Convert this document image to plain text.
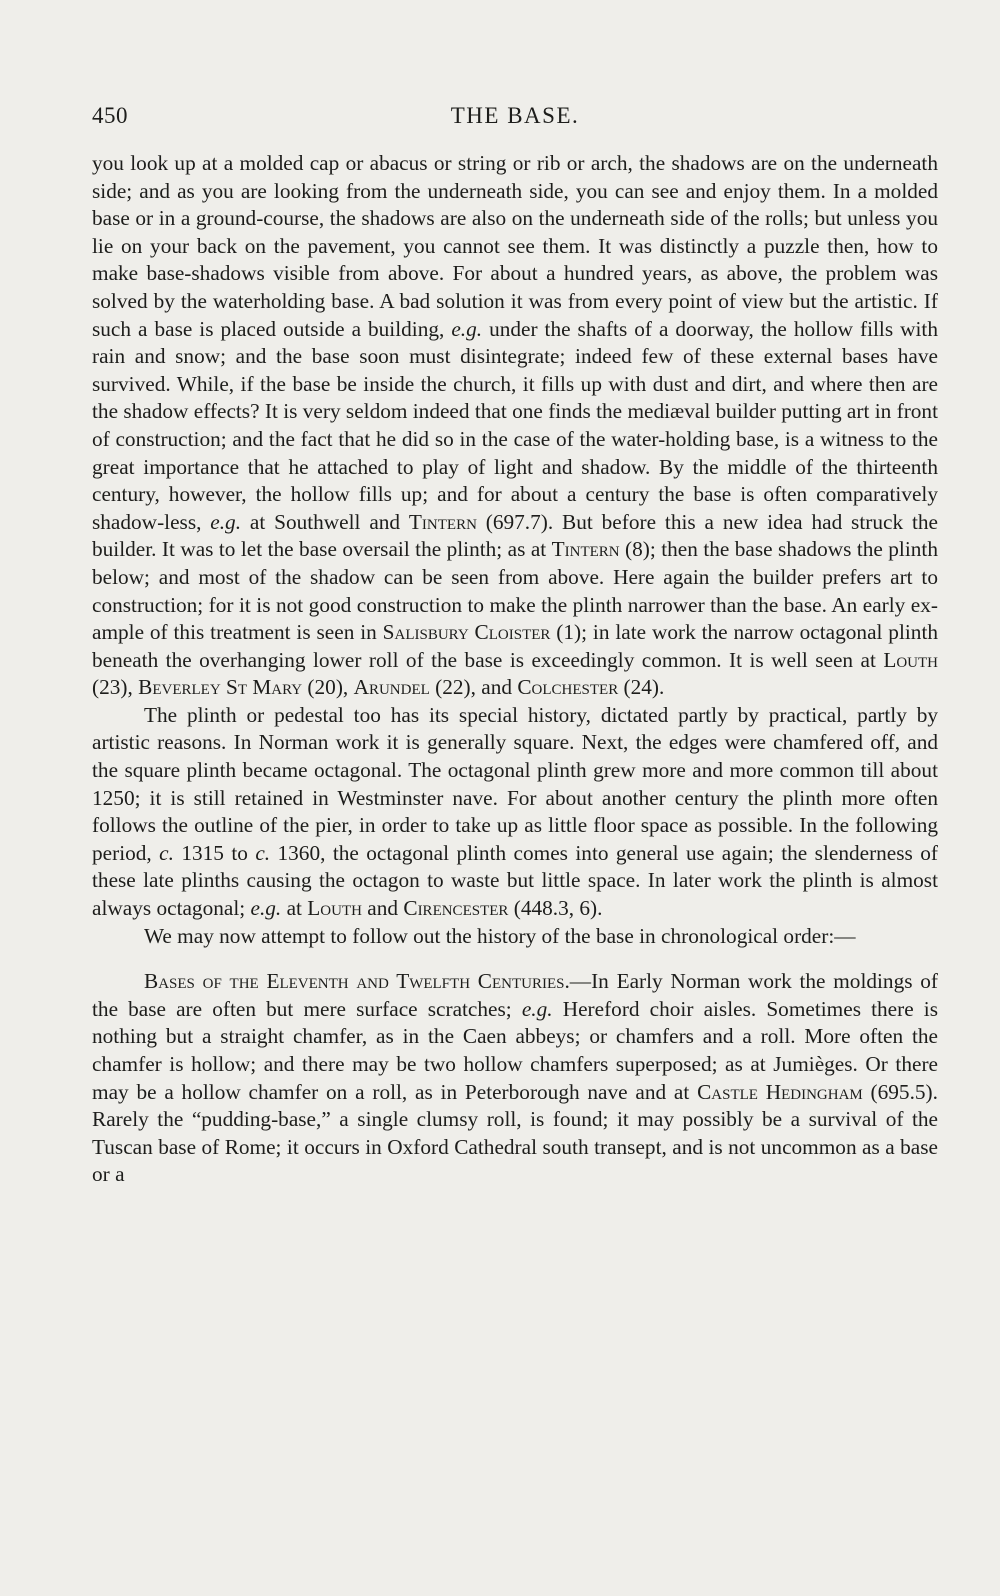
450	THE BASE.

you look up at a molded cap or abacus or string or rib or arch, the shadows are on the underneath side; and as you are looking from the underneath side, you can see and enjoy them. In a molded base or in a ground-course, the shadows are also on the underneath side of the rolls; but unless you lie on your back on the pavement, you cannot see them. It was distinctly a puzzle then, how to make base-shadows visible from above. For about a hundred years, as above, the problem was solved by the waterholding base. A bad solution it was from every point of view but the artistic. If such a base is placed outside a building, e.g. under the shafts of a doorway, the hollow fills with rain and snow; and the base soon must disintegrate; indeed few of these external bases have survived. While, if the base be inside the church, it fills up with dust and dirt, and where then are the shadow effects? It is very seldom indeed that one finds the mediæval builder putting art in front of construction; and the fact that he did so in the case of the water-holding base, is a witness to the great importance that he attached to play of light and shadow. By the middle of the thirteenth century, however, the hollow fills up; and for about a century the base is often comparatively shadow-less, e.g. at Southwell and Tintern (697.7). But before this a new idea had struck the builder. It was to let the base oversail the plinth; as at Tintern (8); then the base shadows the plinth below; and most of the shadow can be seen from above. Here again the builder prefers art to construction; for it is not good construction to make the plinth narrower than the base. An early ex-ample of this treatment is seen in Salisbury Cloister (1); in late work the narrow octagonal plinth beneath the overhanging lower roll of the base is exceedingly common. It is well seen at Louth (23), Beverley St Mary (20), Arundel (22), and Colchester (24).

The plinth or pedestal too has its special history, dictated partly by practical, partly by artistic reasons. In Norman work it is generally square. Next, the edges were chamfered off, and the square plinth became octagonal. The octagonal plinth grew more and more common till about 1250; it is still retained in Westminster nave. For about another century the plinth more often follows the outline of the pier, in order to take up as little floor space as possible. In the following period, c. 1315 to c. 1360, the octagonal plinth comes into general use again; the slenderness of these late plinths causing the octagon to waste but little space. In later work the plinth is almost always octagonal; e.g. at Louth and Cirencester (448.3, 6).

We may now attempt to follow out the history of the base in chronological order:—

Bases of the Eleventh and Twelfth Centuries.—In Early Norman work the moldings of the base are often but mere surface scratches; e.g. Hereford choir aisles. Sometimes there is nothing but a straight chamfer, as in the Caen abbeys; or chamfers and a roll. More often the chamfer is hollow; and there may be two hollow chamfers superposed; as at Jumièges. Or there may be a hollow chamfer on a roll, as in Peterborough nave and at Castle Hedingham (695.5). Rarely the “pudding-base,” a single clumsy roll, is found; it may possibly be a survival of the Tuscan base of Rome; it occurs in Oxford Cathedral south transept, and is not uncommon as a base or a
